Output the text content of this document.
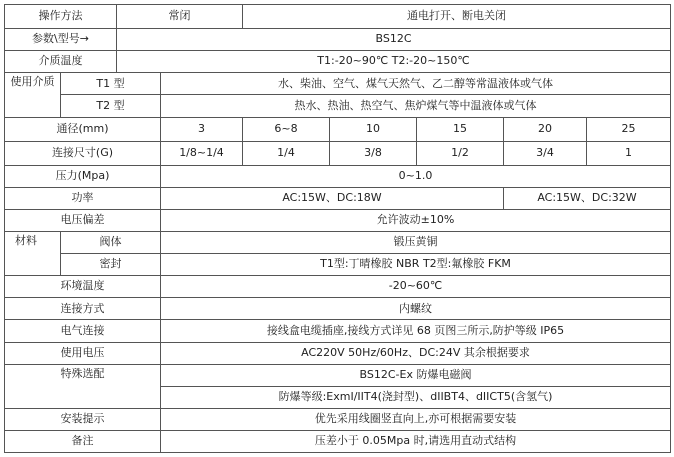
操作方法		常闭		通电打开、断电关闭				
参数\型号→		BS12C						
介质温度		T1:-20~90℃ T2:-20~150℃						
使用介质	T1 型		水、柴油、空气、煤气天然气、乙二醇等常温液体或气体					
	T2 型		热水、热油、热空气、焦炉煤气等中温液体或气体					
通径(mm)			3	6~8	10	15	20	25
连接尺寸(G)			1/8~1/4	1/4	3/8	1/2	3/4	1
压力(Mpa)			0~1.0					
功率			AC:15W、DC:18W				AC:15W、DC:32W	
电压偏差			允许波动±10%					
材料	阀体		锻压黄铜					
	密封		T1型:丁晴橡胶 NBR T2型:氟橡胶 FKM					
环境温度			-20~60℃					
连接方式			内螺纹					
电气连接			接线盒电缆插座,接线方式详见 68 页图三所示,防护等级 IP65					
使用电压			AC220V 50Hz/60Hz、DC:24V 其余根据要求					
特殊选配			BS12C-Ex 防爆电磁阀					
			防爆等级:ExmI/IIT4(浇封型)、dIIBT4、dIICT5(含氢气)					
安装提示			优先采用线圈竖直向上,亦可根据需要安装					
备注			压差小于 0.05Mpa 时,请选用直动式结构					
